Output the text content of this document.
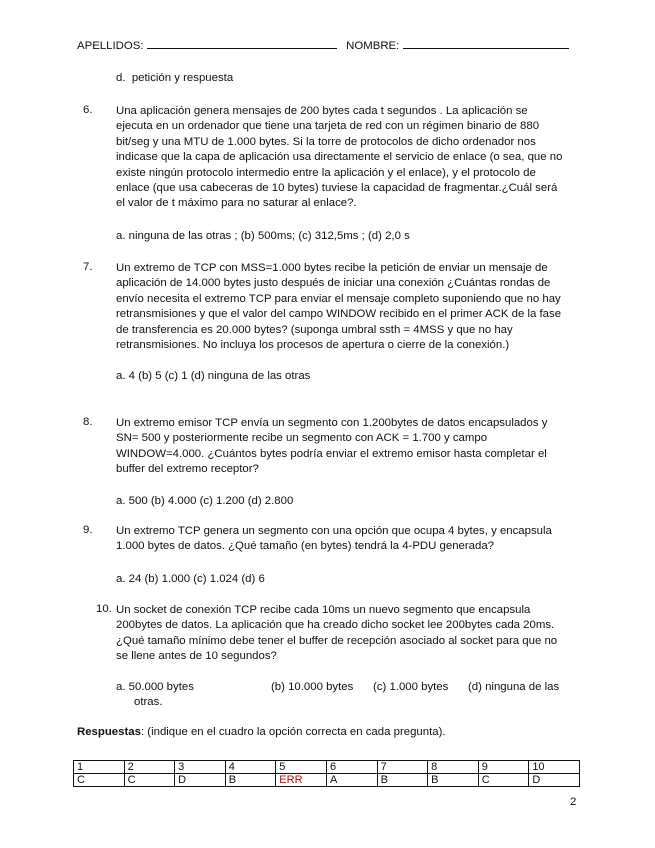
APELLIDOS:	NOMBRE:
d. petición y respuesta
6. Una aplicación genera mensajes de 200 bytes cada t segundos . La aplicación se
ejecuta en un ordenador que tiene una tarjeta de red con un régimen binario de 880
bit/seg y una MTU de 1.000 bytes. Si la torre de protocolos de dicho ordenador nos
indicase que la capa de aplicación usa directamente el servicio de enlace (o sea, que no
existe ningún protocolo intermedio entre la aplicación y el enlace), y el protocolo de
enlace (que usa cabeceras de 10 bytes) tuviese la capacidad de fragmentar.¿Cuál será
el valor de t máximo para no saturar al enlace?.
a. ninguna de las otras ; (b) 500ms; (c) 312,5ms ; (d) 2,0 s
7. Un extremo de TCP con MSS=1.000 bytes recibe la petición de enviar un mensaje de
aplicación de 14.000 bytes justo después de iniciar una conexión ¿Cuántas rondas de
envío necesita el extremo TCP para enviar el mensaje completo suponiendo que no hay
retransmisiones y que el valor del campo WINDOW recibido en el primer ACK de la fase
de transferencia es 20.000 bytes? (suponga umbral ssth = 4MSS y que no hay
retransmisiones. No incluya los procesos de apertura o cierre de la conexión.)
a. 4 (b) 5 (c) 1 (d) ninguna de las otras
8. Un extremo emisor TCP envía un segmento con 1.200bytes de datos encapsulados y
SN= 500 y posteriormente recibe un segmento con ACK = 1.700 y campo
WINDOW=4.000. ¿Cuántos bytes podría enviar el extremo emisor hasta completar el
buffer del extremo receptor?
a. 500 (b) 4.000 (c) 1.200 (d) 2.800
9. Un extremo TCP genera un segmento con una opción que ocupa 4 bytes, y encapsula
1.000 bytes de datos. ¿Qué tamaño (en bytes) tendrá la 4-PDU generada?
a. 24 (b) 1.000 (c) 1.024 (d) 6
10. Un socket de conexión TCP recibe cada 10ms un nuevo segmento que encapsula
200bytes de datos. La aplicación que ha creado dicho socket lee 200bytes cada 20ms.
¿Qué tamaño mínimo debe tener el buffer de recepción asociado al socket para que no
se llene antes de 10 segundos?
a. 50.000 bytes	(b) 10.000 bytes (c) 1.000 bytes (d) ninguna de las
otras.
Respuestas: (indique en el cuadro la opción correcta en cada pregunta).
1	2	3	4	5	6	7	8	9	10
C	C	D	B	ERR	A	B	B	C	D
2
